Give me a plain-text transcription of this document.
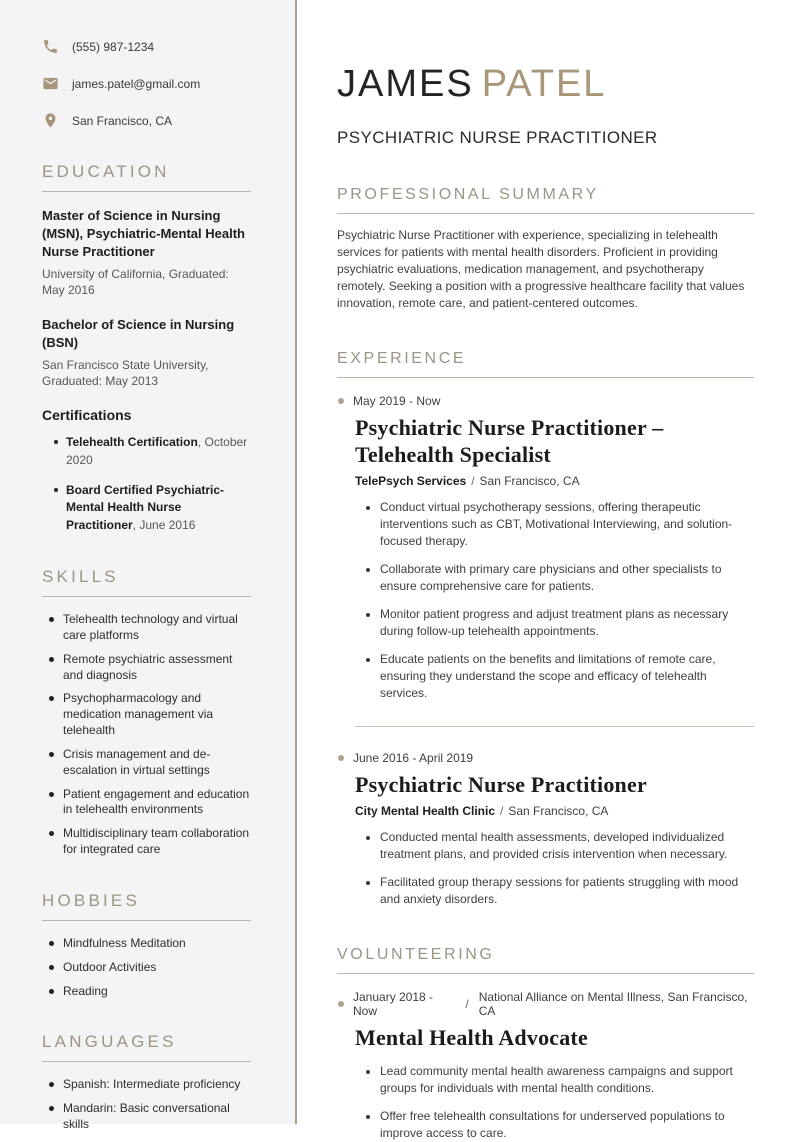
(555) 987-1234
james.patel@gmail.com
San Francisco, CA
EDUCATION

Master of Science in Nursing (MSN), Psychiatric-Mental Health Nurse Practitioner

University of California, Graduated: May 2016

Bachelor of Science in Nursing (BSN)

San Francisco State University, Graduated: May 2013

Certifications
Telehealth Certification, October 2020
Board Certified Psychiatric-Mental Health Nurse Practitioner, June 2016
SKILLS
Telehealth technology and virtual care platforms
Remote psychiatric assessment and diagnosis
Psychopharmacology and medication management via telehealth
Crisis management and de-escalation in virtual settings
Patient engagement and education in telehealth environments
Multidisciplinary team collaboration for integrated care
HOBBIES
Mindfulness Meditation
Outdoor Activities
Reading
LANGUAGES
Spanish: Intermediate proficiency
Mandarin: Basic conversational skills
JAMES PATEL

PSYCHIATRIC NURSE PRACTITIONER

PROFESSIONAL SUMMARY

Psychiatric Nurse Practitioner with experience, specializing in telehealth services for patients with mental health disorders. Proficient in providing psychiatric evaluations, medication management, and psychotherapy remotely. Seeking a position with a progressive healthcare facility that values innovation, remote care, and patient-centered outcomes.

EXPERIENCE
May 2019 - Now
Psychiatric Nurse Practitioner – Telehealth Specialist

TelePsych Services / San Francisco, CA

Conduct virtual psychotherapy sessions, offering therapeutic interventions such as CBT, Motivational Interviewing, and solution-focused therapy.
Collaborate with primary care physicians and other specialists to ensure comprehensive care for patients.
Monitor patient progress and adjust treatment plans as necessary during follow-up telehealth appointments.
Educate patients on the benefits and limitations of remote care, ensuring they understand the scope and efficacy of telehealth services.
June 2016 - April 2019
Psychiatric Nurse Practitioner

City Mental Health Clinic / San Francisco, CA

Conducted mental health assessments, developed individualized treatment plans, and provided crisis intervention when necessary.
Facilitated group therapy sessions for patients struggling with mood and anxiety disorders.
VOLUNTEERING
January 2018 - Now	/ National Alliance on Mental Illness, San Francisco, CA
Mental Health Advocate
Lead community mental health awareness campaigns and support groups for individuals with mental health conditions.
Offer free telehealth consultations for underserved populations to improve access to care.
